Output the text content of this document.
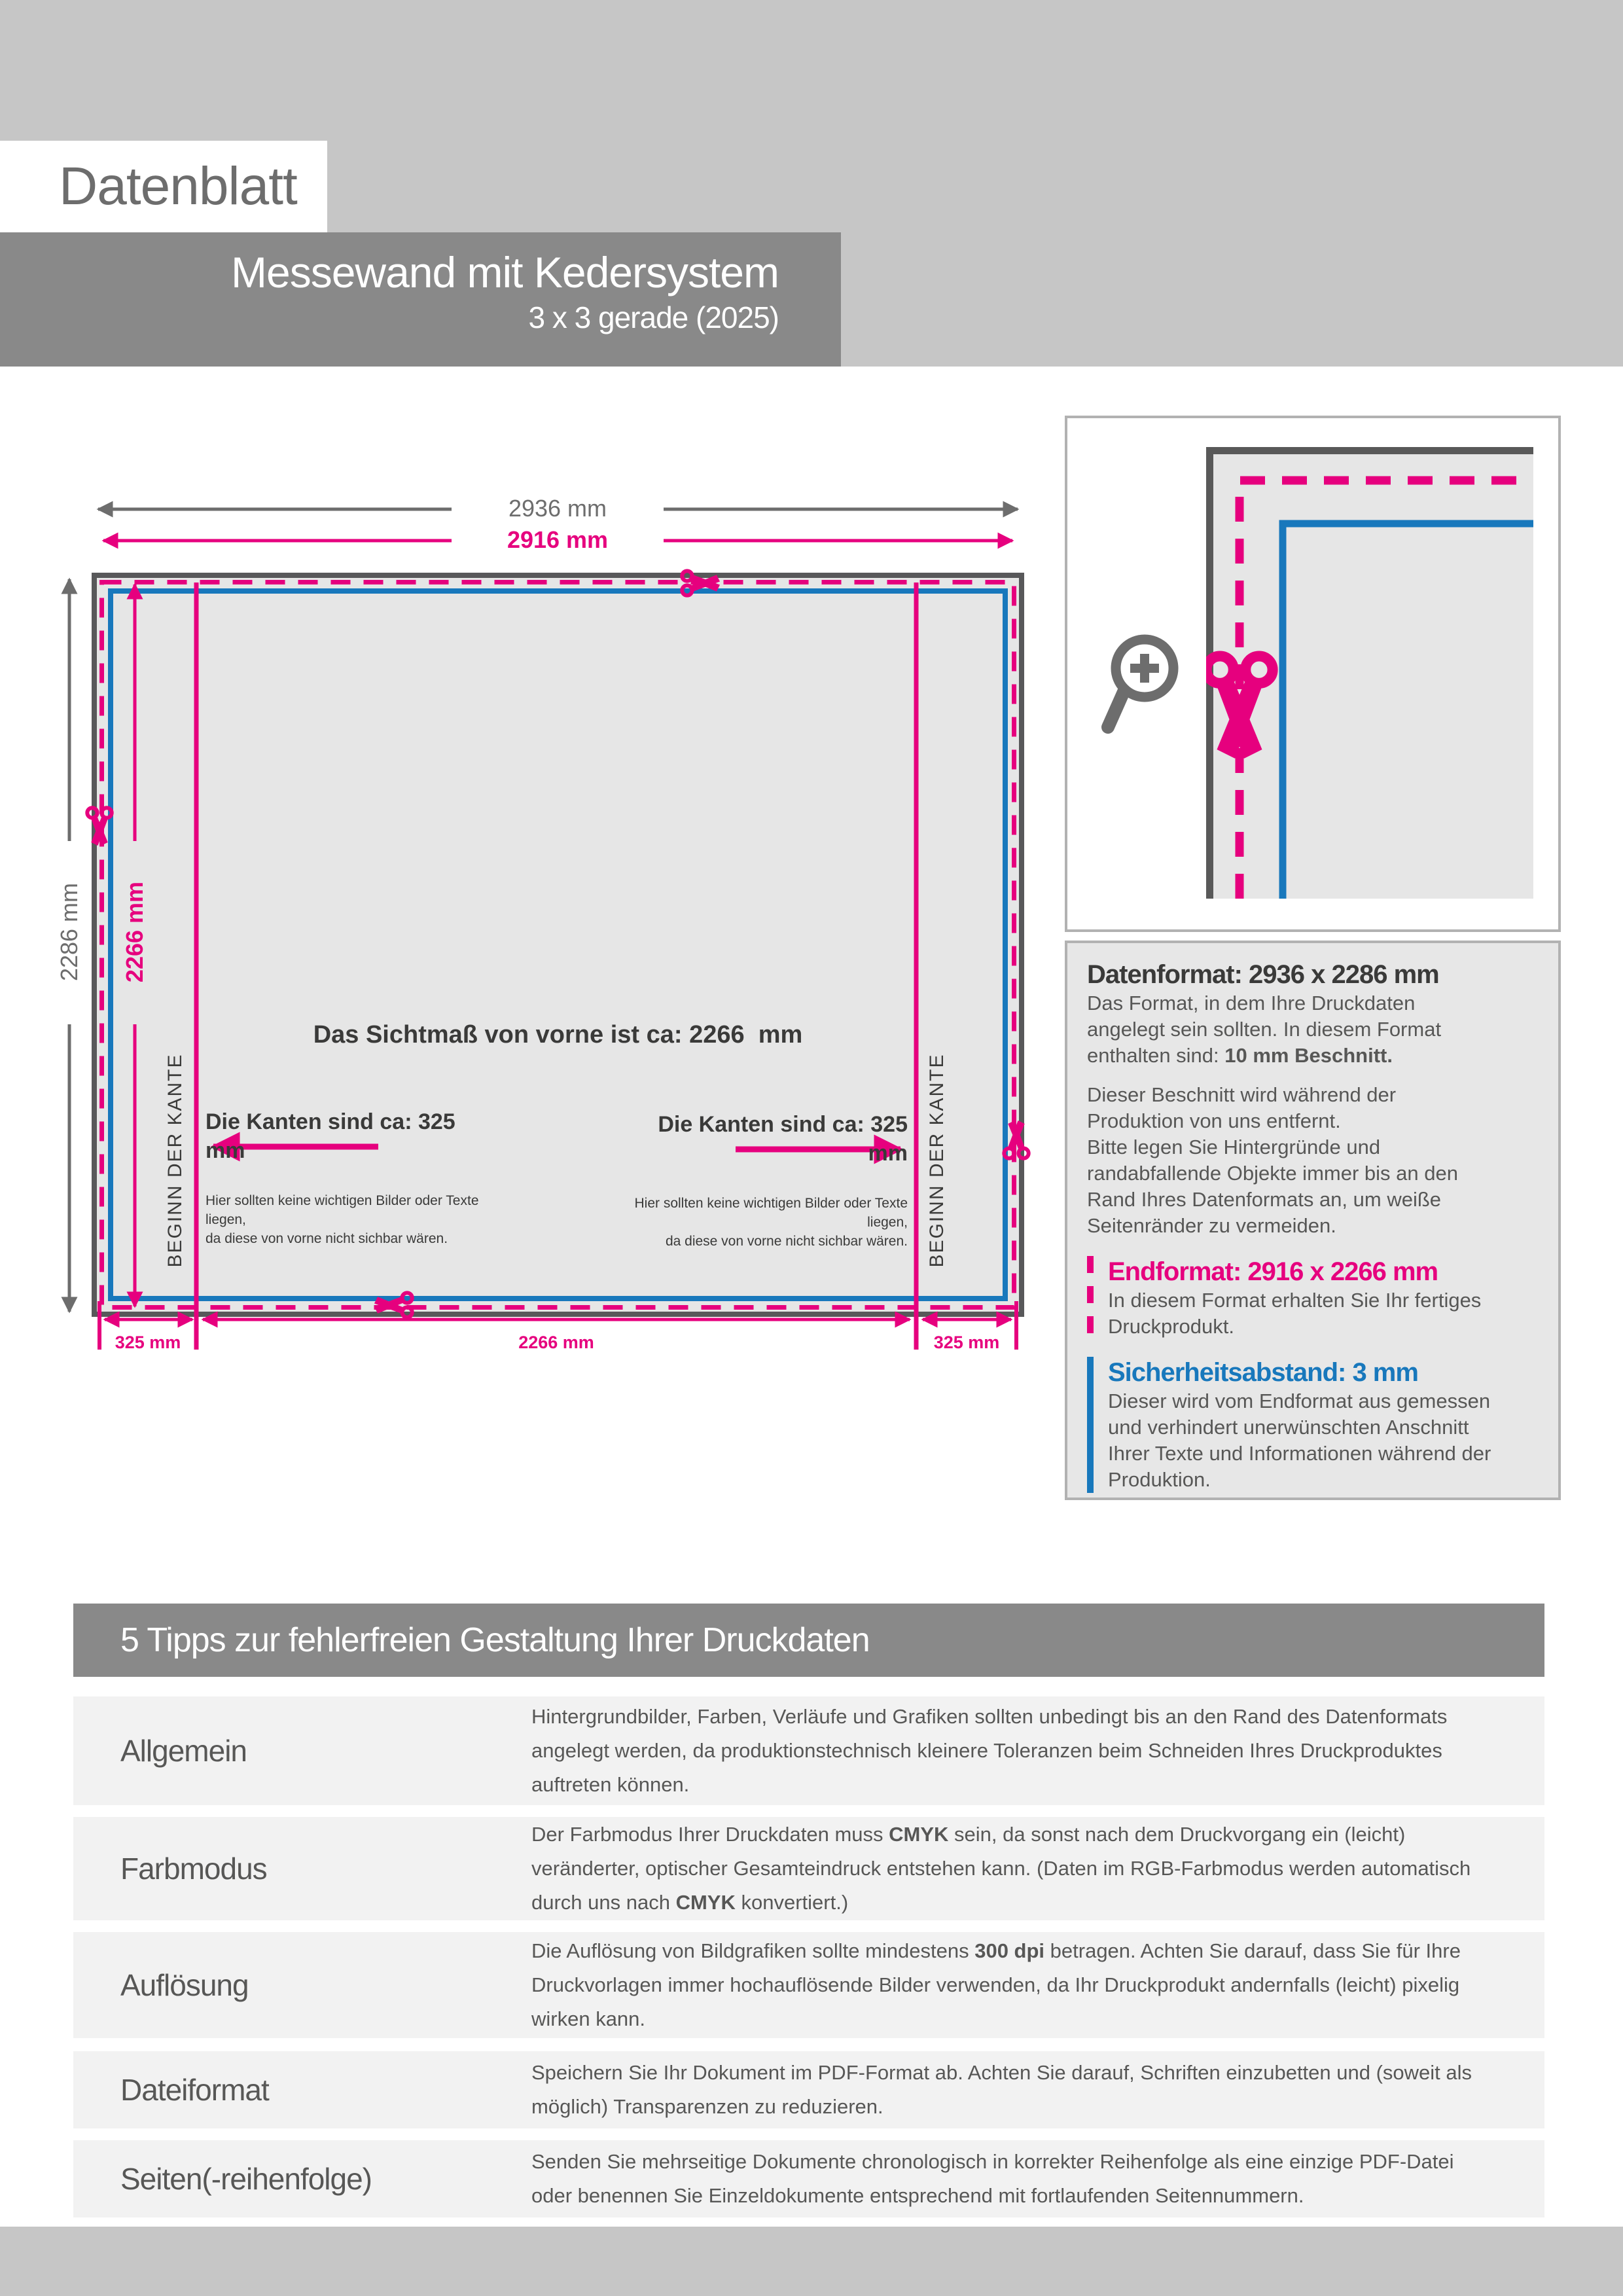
Datenblatt
Messewand mit Kedersystem
3 x 3 gerade (2025)
2936 mm
2916 mm
2286 mm 2266 mm
Das Sichtmaß von vorne ist ca: 2266  mm
Die Kanten sind ca: 325 mm
Hier sollten keine wichtigen Bilder oder Texte liegen,
da diese von vorne nicht sichbar wären.
Die Kanten sind ca: 325 mm
Hier sollten keine wichtigen Bilder oder Texte liegen,
da diese von vorne nicht sichbar wären.
BEGINN DER KANTE	BEGINN DER KANTE
325 mm	2266 mm	325 mm
Datenformat: 2936 x 2286 mm

Das Format, in dem Ihre Druckdaten angelegt sein sollten. In diesem Format enthalten sind: 10 mm Beschnitt.

Dieser Beschnitt wird während der Produktion von uns entfernt.

Bitte legen Sie Hintergründe und randabfallende Objekte immer bis an den Rand Ihres Datenformats an, um weiße Seitenränder zu vermeiden.

Endformat: 2916 x 2266 mm

In diesem Format erhalten Sie Ihr fertiges Druckprodukt.

Sicherheitsabstand: 3 mm

Dieser wird vom Endformat aus gemessen und verhindert unerwünschten Anschnitt Ihrer Texte und Informationen während der Produktion.

5 Tipps zur fehlerfreien Gestaltung Ihrer Druckdaten
Allgemein
Hintergrundbilder, Farben, Verläufe und Grafiken sollten unbedingt bis an den Rand des Datenformats angelegt werden, da produktionstechnisch kleinere Toleranzen beim Schneiden Ihres Druckproduktes auftreten können.
Farbmodus
Der Farbmodus Ihrer Druckdaten muss CMYK sein, da sonst nach dem Druckvorgang ein (leicht) veränderter, optischer Gesamteindruck entstehen kann. (Daten im RGB-Farbmodus werden automatisch durch uns nach CMYK konvertiert.)
Auflösung
Die Auflösung von Bildgrafiken sollte mindestens 300 dpi betragen. Achten Sie darauf, dass Sie für Ihre Druckvorlagen immer hochauflösende Bilder verwenden, da Ihr Druckprodukt andernfalls (leicht) pixelig wirken kann.
Dateiformat
Speichern Sie Ihr Dokument im PDF-Format ab. Achten Sie darauf, Schriften einzubetten und (soweit als möglich) Transparenzen zu reduzieren.
Seiten(-reihenfolge)
Senden Sie mehrseitige Dokumente chronologisch in korrekter Reihenfolge als eine einzige PDF-Datei oder benennen Sie Einzeldokumente entsprechend mit fortlaufenden Seitennummern.
